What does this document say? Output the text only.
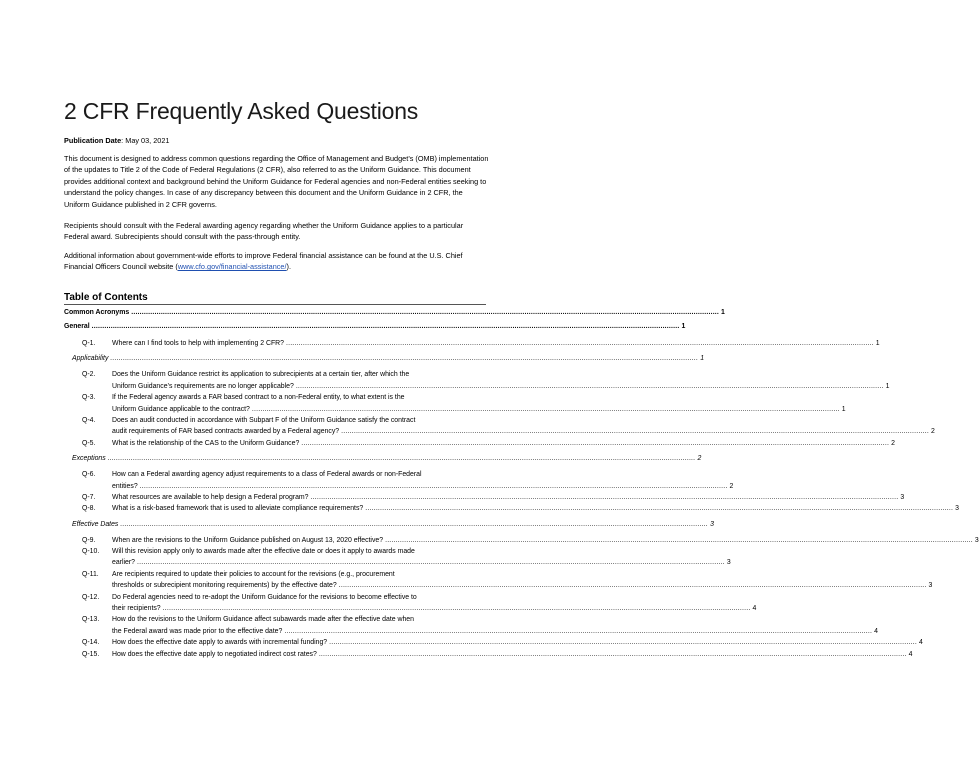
2 CFR Frequently Asked Questions
Publication Date: May 03, 2021

This document is designed to address common questions regarding the Office of Management and Budget’s (OMB) implementation of the updates to Title 2 of the Code of Federal Regulations (2 CFR), also referred to as the Uniform Guidance. This document provides additional context and background behind the Uniform Guidance for Federal agencies and non-Federal entities seeking to understand the policy changes. In case of any discrepancy between this document and the Uniform Guidance in 2 CFR, the Uniform Guidance published in 2 CFR governs.

Recipients should consult with the Federal awarding agency regarding whether the Uniform Guidance applies to a particular Federal award. Subrecipients should consult with the pass-through entity.

Additional information about government-wide efforts to improve Federal financial assistance can be found at the U.S. Chief Financial Officers Council website (www.cfo.gov/financial-assistance/).

Table of Contents
Common Acronyms .....	1
General .....	1
Q-1.	Where can I find tools to help with implementing 2 CFR? .....	1
Applicability .....	1
Q-2.	Does the Uniform Guidance restrict its application to subrecipients at a certain tier, after which the
Uniform Guidance’s requirements are no longer applicable? .....	1
Q-3.	If the Federal agency awards a FAR based contract to a non-Federal entity, to what extent is the
Uniform Guidance applicable to the contract? .....	1
Q-4.	Does an audit conducted in accordance with Subpart F of the Uniform Guidance satisfy the contract
audit requirements of FAR based contracts awarded by a Federal agency? .....	2
Q-5.	What is the relationship of the CAS to the Uniform Guidance? .....	2
Exceptions .....	2
Q-6.	How can a Federal awarding agency adjust requirements to a class of Federal awards or non-Federal
entities? .....	2
Q-7.	What resources are available to help design a Federal program? .....	3
Q-8.	What is a risk-based framework that is used to alleviate compliance requirements? .....	3
Effective Dates .....	3
Q-9.	When are the revisions to the Uniform Guidance published on August 13, 2020 effective? .....	3
Q-10.	Will this revision apply only to awards made after the effective date or does it apply to awards made
earlier? .....	3
Q-11.	Are recipients required to update their policies to account for the revisions (e.g., procurement
thresholds or subrecipient monitoring requirements) by the effective date? .....	3
Q-12.	Do Federal agencies need to re-adopt the Uniform Guidance for the revisions to become effective to
their recipients? .....	4
Q-13.	How do the revisions to the Uniform Guidance affect subawards made after the effective date when
the Federal award was made prior to the effective date? .....	4
Q-14.	How does the effective date apply to awards with incremental funding? .....	4
Q-15.	How does the effective date apply to negotiated indirect cost rates? .....	4
